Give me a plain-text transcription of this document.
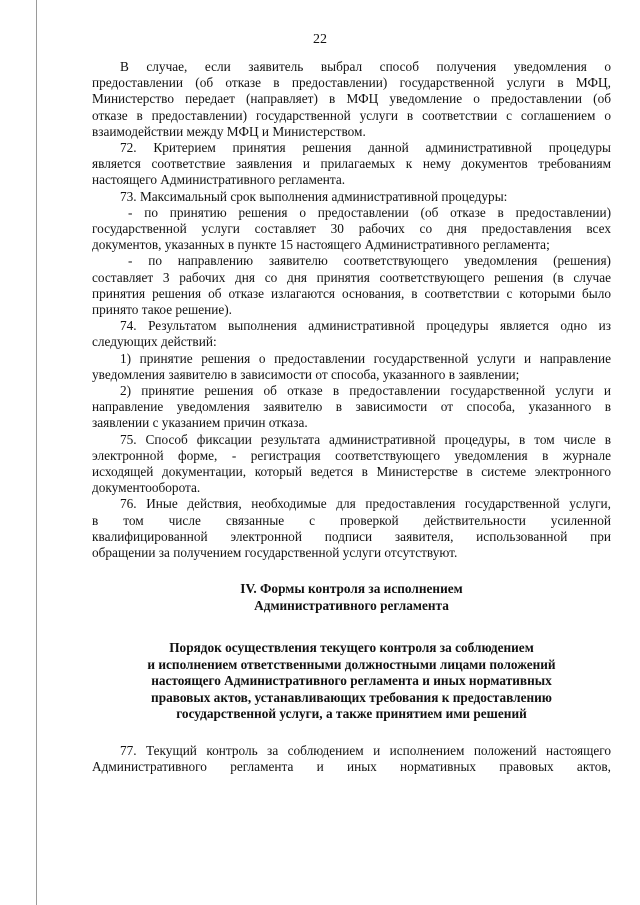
22

В случае, если заявитель выбрал способ получения уведомления о
предоставлении (об отказе в предоставлении) государственной услуги в МФЦ,
Министерство передает (направляет) в МФЦ уведомление о предоставлении (об
отказе в предоставлении) государственной услуги в соответствии с соглашением о
взаимодействии между МФЦ и Министерством.

72. Критерием принятия решения данной административной процедуры
является соответствие заявления и прилагаемых к нему документов требованиям
настоящего Административного регламента.

73. Максимальный срок выполнения административной процедуры:

- по принятию решения о предоставлении (об отказе в предоставлении)
государственной услуги составляет 30 рабочих со дня предоставления всех
документов, указанных в пункте 15 настоящего Административного регламента;

- по направлению заявителю соответствующего уведомления (решения)
составляет 3 рабочих дня со дня принятия соответствующего решения (в случае
принятия решения об отказе излагаются основания, в соответствии с которыми было
принято такое решение).

74. Результатом выполнения административной процедуры является одно из
следующих действий:

1) принятие решения о предоставлении государственной услуги и направление
уведомления заявителю в зависимости от способа, указанного в заявлении;

2) принятие решения об отказе в предоставлении государственной услуги и
направление уведомления заявителю в зависимости от способа, указанного в
заявлении с указанием причин отказа.

75. Способ фиксации результата административной процедуры, в том числе в
электронной форме, - регистрация соответствующего уведомления в журнале
исходящей документации, который ведется в Министерстве в системе электронного
документооборота.

76. Иные действия, необходимые для предоставления государственной услуги,
в том числе связанные с проверкой действительности усиленной
квалифицированной электронной подписи заявителя, использованной при
обращении за получением государственной услуги отсутствуют.

IV. Формы контроля за исполнением
Административного регламента
Порядок осуществления текущего контроля за соблюдением
и исполнением ответственными должностными лицами положений
настоящего Административного регламента и иных нормативных
правовых актов, устанавливающих требования к предоставлению
государственной услуги, а также принятием ими решений

77. Текущий контроль за соблюдением и исполнением положений настоящего
Административного регламента и иных нормативных правовых актов,
